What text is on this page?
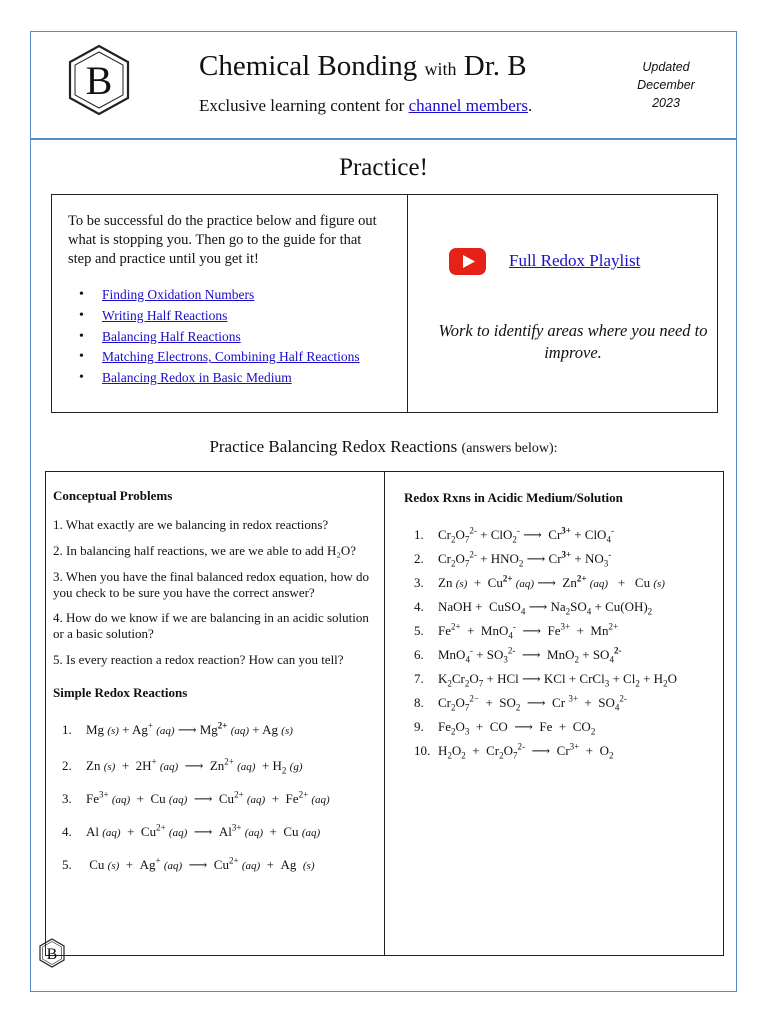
B	Chemical Bonding with Dr. B
Exclusive learning content for channel members.
Updated
December
2023
Practice!
To be successful do the practice below and figure out what is stopping you. Then go to the guide for that step and practice until you get it!
• Finding Oxidation Numbers
• Writing Half Reactions
• Balancing Half Reactions
• Matching Electrons, Combining Half Reactions
• Balancing Redox in Basic Medium
Full Redox Playlist
Work to identify areas where you need to improve.
Practice Balancing Redox Reactions (answers below):
Conceptual Problems
1. What exactly are we balancing in redox reactions?
2. In balancing half reactions, we are we able to add H₂O?
3. When you have the final balanced redox equation, how do you check to be sure you have the correct answer?
4. How do we know if we are balancing in an acidic solution or a basic solution?
5. Is every reaction a redox reaction? How can you tell?
Simple Redox Reactions
1. Mg (s) + Ag+ (aq) ⟶ $Mg^{2+}$ (aq) + Ag (s)
2. Zn (s)  +  2H+ (aq)  ⟶  $Zn^{2+}$ $(aq) + H_2$ (g)
3. $Fe^{3+}$ (aq)  +  Cu (aq)  ⟶  $Cu^{2+}$ $(aq) + Fe^{2+}$ (aq)
4. Al $(aq) + Cu^{2+}$ (aq)  ⟶  $Al^{3+}$ (aq)  +  Cu (aq)
5. Cu (s)  +  Ag+ (aq)  ⟶  $Cu^{2+}$ (aq)  +  Ag  (s)
Redox Rxns in Acidic Medium/Solution
1. $Cr_2O_7^{2-} + ClO_2^-$ ⟶  $Cr^{3+} + ClO_4^-$
2. $Cr_2O_7^{2-} + HNO_2$ ⟶ $Cr^{3+} + NO_3^-$
3. Zn $(s) + Cu^{2+}$ (aq) ⟶  $Zn^{2+}$ (aq)   +   Cu (s)
4. NaOH +  CuSO$_4$ ⟶ $Na_2SO_4 + Cu(OH)_2$
5. $Fe^{2+} + MnO_4^-$  ⟶  $Fe^{3+} + Mn^{2+}$
6. $MnO_4^- + SO_3^{2-}$  ⟶  $MnO_2 + SO_4^{2-}$
7. $K_2Cr_2O_7$ + HCl ⟶ KCl + CrCl$_3$ + $Cl_2 + H_2O$
8. $Cr_2O_7^{2-} + SO_2$  ⟶  Cr $^{3+} + SO_4^{2-}$
9. $Fe_2O_3$  +  CO  ⟶  $Fe + CO_2$
10. $H_2O_2 + Cr_2O_7^{2-}$  ⟶  $Cr^{3+} + O_2$
B
